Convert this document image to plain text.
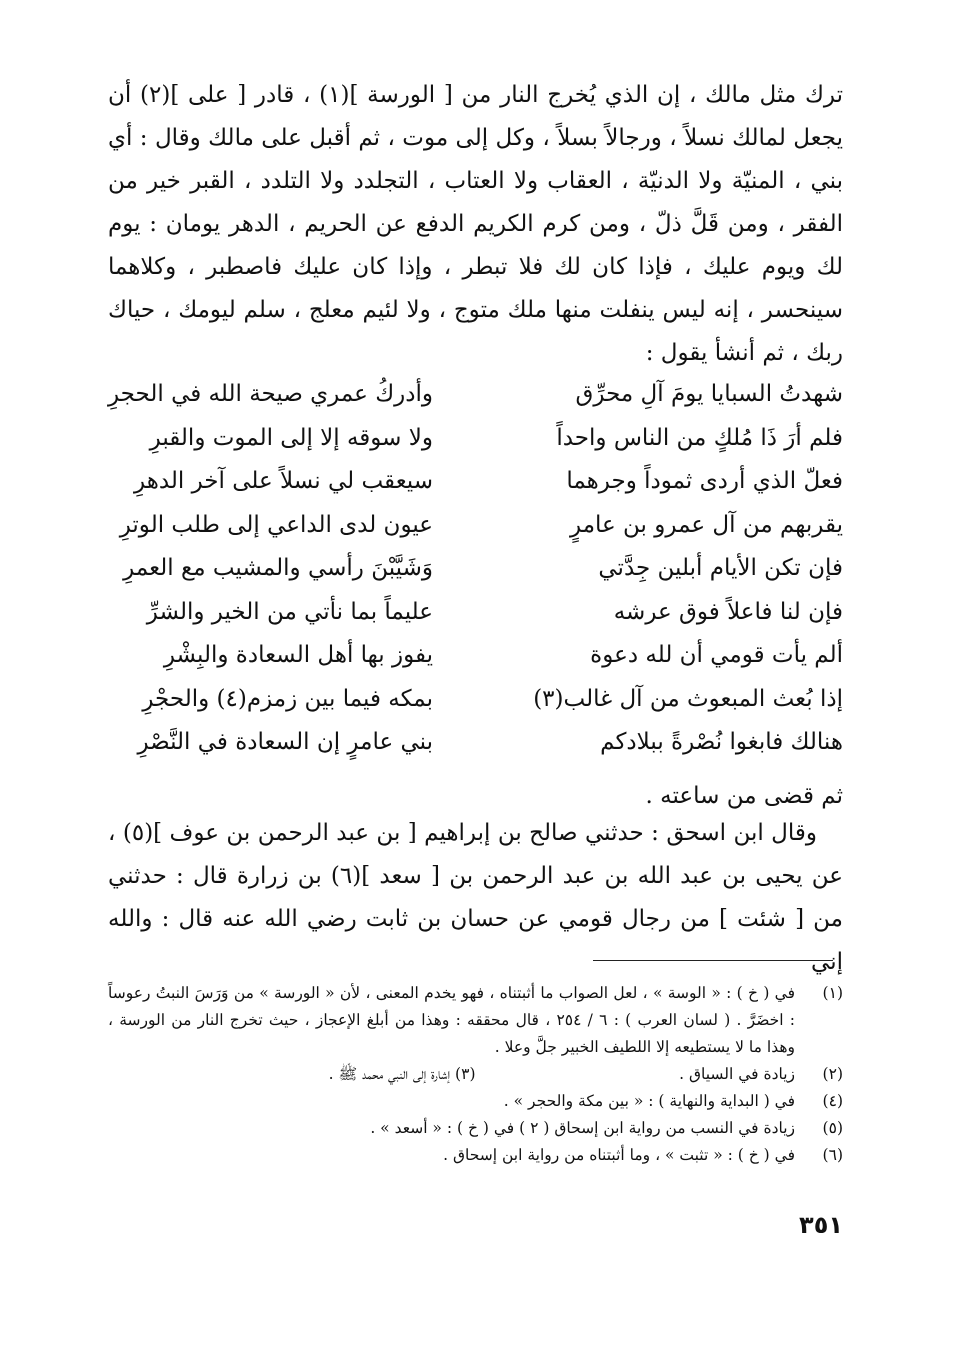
ترك مثل مالك ، إن الذي يُخرج النار من [ الورسة ](١) ، قادر [ على ](٢) أن يجعل لمالك نسلاً ، ورجالاً بسلاً ، وكل إلى موت ، ثم أقبل على مالك وقال : أي بني ، المنيّة ولا الدنيّة ، العقاب ولا العتاب ، التجلدد ولا التلدد ، القبر خير من الفقر ، ومن قَلَّ ذلّ ، ومن كرم الكريم الدفع عن الحريم ، الدهر يومان : يوم لك ويوم عليك ، فإذا كان لك فلا تبطر ، وإذا كان عليك فاصطبر ، وكلاهما سينحسر ، إنه ليس ينفلت منها ملك متوج ، ولا لئيم معلج ، سلم ليومك ، حياك ربك ، ثم أنشأ يقول :

شهدتُ السبايا يومَ آلِ محرِّق
وأدركُ عمري صيحة الله في الحجرِ
فلم أرَ ذَا مُلكٍ من الناس واحداً
ولا سوقه إلا إلى الموت والقبرِ
فعلّ الذي أردى ثموداً وجرهما
سيعقب لي نسلاً على آخر الدهرِ
يقربهم من آل عمرو بن عامرٍ
عيون لدى الداعي إلى طلب الوترِ
فإن تكن الأيام أبلين جِدَّتي
وَشَيَّبْنَ رأسي والمشيب مع العمرِ
فإن لنا فاعلاً فوق عرشه
عليماً بما نأتي من الخير والشرِّ
ألم يأت قومي أن لله دعوة
يفوز بها أهل السعادة والبِشْرِ
إذا بُعث المبعوث من آل غالب(٣)
بمكه فيما بين زمزم(٤) والحجْرِ
هنالك فابغوا نُصْرةً ببلادكم
بني عامرٍ إن السعادة في النَّصْرِ
ثم قضى من ساعته .

وقال ابن اسحق : حدثني صالح بن إبراهيم [ بن عبد الرحمن بن عوف ](٥) ، عن يحيى بن عبد الله بن عبد الرحمن بن [ سعد ](٦) بن زرارة قال : حدثني من [ شئت ] من رجال قومي عن حسان بن ثابت رضي الله عنه قال : والله إني

(١)
في ( خ ) : « الوسة » ، لعل الصواب ما أثبتناه ، فهو يخدم المعنى ، لأن « الورسة » من وَرَسَ النبتُ رعوساً : اخضَرَّ . ( لسان العرب ) : ٦ / ٢٥٤ ، قال محققه : وهذا من أبلغ الإعجاز ، حيث تخرج النار من الورسة ، وهذا ما لا يستطيعه إلا اللطيف الخبير جلَّ وعلا .
(٢)
زيادة في السياق .
(٣) إشارة إلى النبي محمد ﷺ .
(٤)
في ( البداية والنهاية ) : « بين مكة والحجر » .
(٥)
زيادة في النسب من رواية ابن إسحاق ( ٢ ) في ( خ ) : « أسعد » .
(٦)
في ( خ ) : « تثبت » ، وما أثبتناه من رواية ابن إسحاق .
٣٥١
